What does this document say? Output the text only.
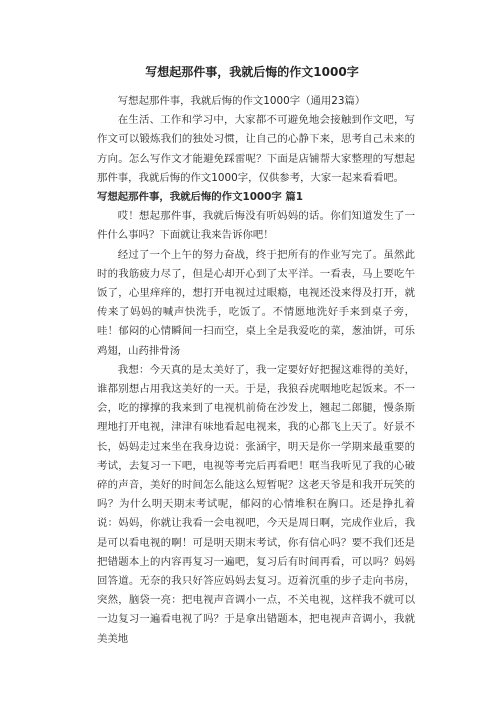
写想起那件事，我就后悔的作文1000字

写想起那件事，我就后悔的作文1000字（通用23篇）

在生活、工作和学习中，大家都不可避免地会接触到作文吧，写作文可以锻炼我们的独处习惯，让自己的心静下来，思考自己未来的方向。怎么写作文才能避免踩雷呢？下面是店铺帮大家整理的写想起那件事，我就后悔的作文1000字，仅供参考，大家一起来看看吧。

写想起那件事，我就后悔的作文1000字 篇1

哎！想起那件事，我就后悔没有听妈妈的话。你们知道发生了一件什么事吗？下面就让我来告诉你吧！

经过了一个上午的努力奋战，终于把所有的作业写完了。虽然此时的我筋疲力尽了，但是心却开心到了太平洋。一看表，马上要吃午饭了，心里痒痒的，想打开电视过过眼瘾，电视还没来得及打开，就传来了妈妈的喊声快洗手，吃饭了。不情愿地洗好手来到桌子旁，哇！郁闷的心情瞬间一扫而空，桌上全是我爱吃的菜，葱油饼，可乐鸡翅，山药排骨汤

我想：今天真的是太美好了，我一定要好好把握这难得的美好，谁都别想占用我这美好的一天。于是，我狼吞虎咽地吃起饭来。不一会，吃的撑撑的我来到了电视机前倚在沙发上，翘起二郎腿，慢条斯理地打开电视，津津有味地看起电视来，我的心都飞上天了。好景不长，妈妈走过来坐在我身边说：张涵宇，明天是你一学期来最重要的考试，去复习一下吧，电视等考完后再看吧！哐当我听见了我的心破碎的声音，美好的时间怎么能这么短暂呢？这老天爷是和我开玩笑的吗？为什么明天期末考试呢，郁闷的心情堆积在胸口。还是挣扎着说：妈妈，你就让我看一会电视吧，今天是周日啊，完成作业后，我是可以看电视的啊！可是明天期末考试，你有信心吗？要不我们还是把错题本上的内容再复习一遍吧，复习后有时间再看，可以吗？妈妈回答道。无奈的我只好答应妈妈去复习。迈着沉重的步子走向书房，突然，脑袋一亮：把电视声音调小一点，不关电视，这样我不就可以一边复习一遍看电视了吗？于是拿出错题本，把电视声音调小，我就美美地
